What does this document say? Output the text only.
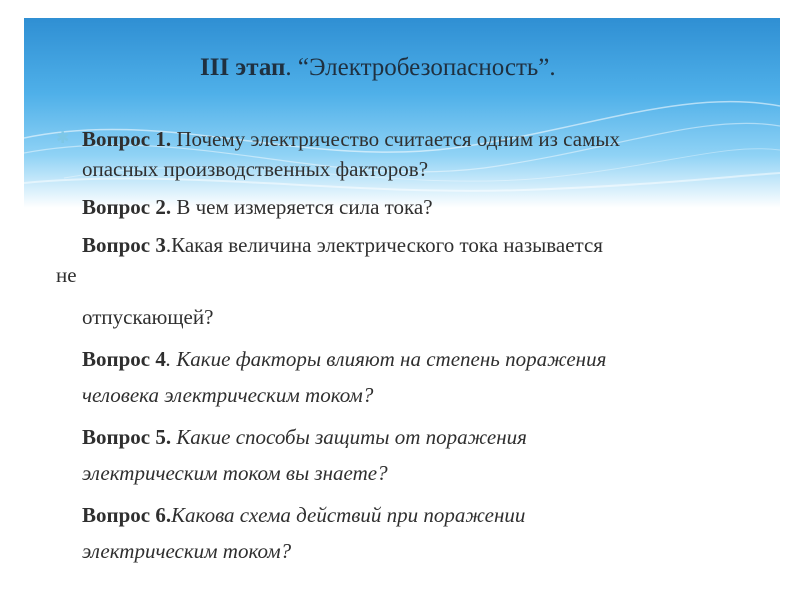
III этап. “Электробезопасность”.
✱ Вопрос 1. Почему электричество считается одним из самых
опасных производственных факторов?
Вопрос 2. В чем измеряется сила тока?
Вопрос 3.Какая величина электрического тока называется
не
отпускающей?
Вопрос 4. Какие факторы влияют на степень поражения
человека электрическим током?
Вопрос 5. Какие способы защиты от поражения
электрическим током вы знаете?
Вопрос 6.Какова схема действий при поражении
электрическим током?
